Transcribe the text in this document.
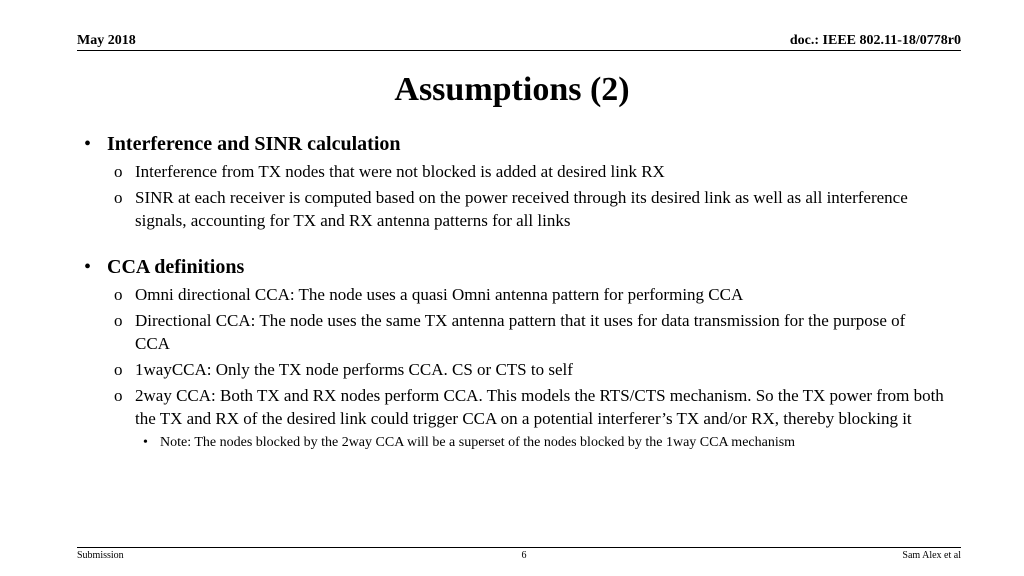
May 2018	doc.: IEEE 802.11-18/0778r0
Assumptions (2)
• Interference and SINR calculation
o Interference from TX nodes that were not blocked is added at desired link RX
o SINR at each receiver is computed based on the power received through its desired link as well as all interference signals, accounting for TX and RX antenna patterns for all links
• CCA definitions
o Omni directional CCA: The node uses a quasi Omni antenna pattern for performing CCA
o Directional CCA: The node uses the same TX antenna pattern that it uses for data transmission for the purpose of CCA
o 1wayCCA: Only the TX node performs CCA. CS or CTS to self
o 2way CCA: Both TX and RX nodes perform CCA. This models the RTS/CTS mechanism. So the TX power from both the TX and RX of the desired link could trigger CCA on a potential interferer’s TX and/or RX, thereby blocking it
• Note: The nodes blocked by the 2way CCA will be a superset of the nodes blocked by the 1way CCA mechanism
Submission	6	Sam Alex et al
